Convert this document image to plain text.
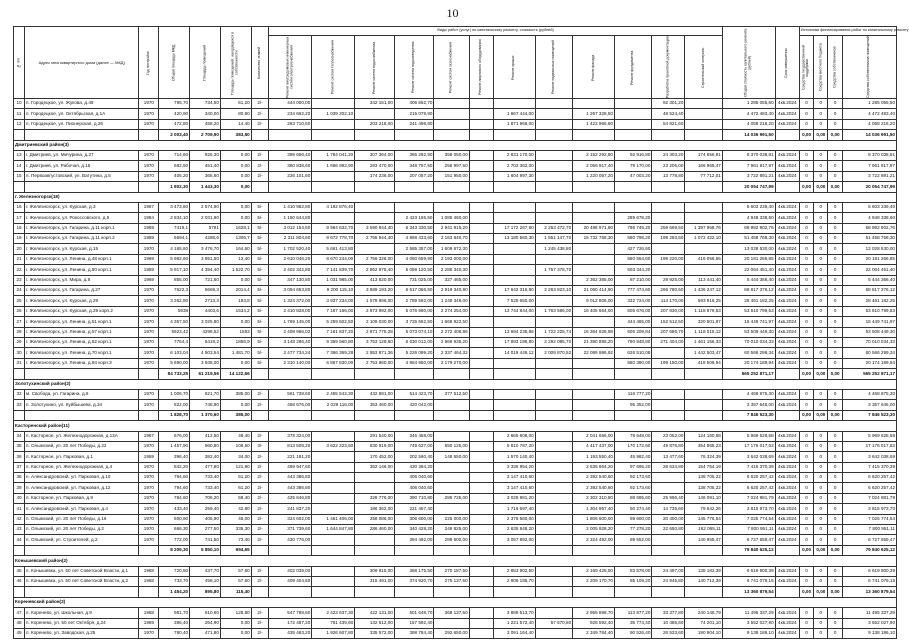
10
№ п/п	Адрес многоквартирного дома (далее — МКД)	Год постройки	Общая площадь МКД	Площадь помещений	Площадь помещений, находящихся в собственности	Количество этажей	Виды работ (услуг) по капитальному ремонту, стоимость (рублей)												Общая стоимость капитального ремонта (рублей)	Срок завершения	Источники финансирования работ по капитальному ремонту			
							Ремонт внутридомовых инженерных систем электроснабжения	Ремонт систем теплоснабжения	Ремонт систем водоснабжения	Ремонт систем водоотведения	Ремонт систем газоснабжения	Ремонт лифтового оборудования	Ремонт крыши	Ремонт подвальных помещений	Ремонт фасада	Ремонт фундамента	Разработка проектной документации	Строительный контроль			Средства государственной поддержки	Средства местного бюджета	Средства собственников	Средства собственников помещений
10	п. Городецкое, ул. Жукова, д.49	1970	795,70	734,50	61,20	2/-	444 000,00		342 151,00	406 662,70							92 301,20		1 285 055,50	4кв.2024	0	0	0	1 285 055,50
11	п. Городецкое, ул. Октябрьская, д.1А	1970	420,90	340,00	80,90	2/-	234 662,20	1 039 202,10		215 079,90			1 667 444,00		1 267 328,50		48 524,40		4 472 483,40	4кв.2024	0	0	0	4 472 483,40
12	п. Городецкое, ул. Пионерская, д.26	1970	472,80	458,20	14,40	2/-	263 710,60		203 218,00	241 498,60			1 871 966,00		1 422 966,60		54 821,60		4 058 216,20	4кв.2024	0	0	0	4 058 216,20
			2 003,40	2 709,90	383,50														14 036 991,50		0,00	0,00	0,00	14 036 991,50
Дмитриевский район(3)																								
13	г. Дмитриев, ул. Мичурина, д.27	1970	714,60	926,30	0,00	2/-	398 656,40	1 784 041,20	307 364,00	365 282,90	358 050,00		2 831 170,00		2 152 292,80	92 916,80	24 303,20	174 656,81	8 370 038,81	4кв.2024	0	0	0	8 370 038,81
14	г. Дмитриев, ул. Рабочая, д.15	1970	682,50	451,40	0,00	2/-	380 838,60	1 666 992,90	293 470,00	348 757,50	255 997,50		2 703 362,00		2 056 917,40	79 170,00	23 205,00	166 965,47	7 961 817,97	4кв.2024	0	0	0	7 961 817,97
15	п. Первоавгустовский, ул. Ватутина, д.5	1970	405,20	365,60	0,00	2/-	226 101,60		174 236,00	207 057,20	151 950,00		1 604 997,30		1 220 057,20	47 003,20	13 778,80	77 712,01	3 722 891,21	4кв.2024	0	0	0	3 722 891,21
			1 802,30	1 443,30	0,00														20 054 747,99		0,00	0,00	0,00	20 054 747,99
г. Железногорск(18)																								
16	г. Железногорск, ул. Курская, д.3	1967	3 473,60	2 574,90	0,00	5/-	1 410 962,80	4 192 876,40											5 603 239,40	4кв.2024	0	0	0	5 603 239,40
17	г. Железногорск, ул. Рокоссовского, д.5	1984	2 834,10	2 031,90	0,00	5/-	1 150 644,80			2 423 155,50	1 085 460,00					289 678,20			4 948 338,60	4кв.2024	0	0	0	4 948 338,60
18	г. Железногорск, ул. Гагарина, д.11 корп.1	1969	7419,1	5791	1628,1	5/-	3 012 154,60	9 964 632,70	3 590 844,40	6 343 330,50	2 941 915,20		17 172 267,60	2 253 472,70	20 488 971,80	796 745,20	259 669,50	1 397 958,76	68 982 902,76	4кв.2024	0	0	0	68 982 902,76
19	г. Железногорск, ул. Гагарина, д.11 корп.2	1969	5694,1	4286,6	1306,7	5/-	2 311 804,60	8 672 778,70	2 755 944,40	4 868 433,60	2 163 840,70		13 180 560,30	1 551 147,70	15 732 768,30	580 798,20	199 293,50	1 072 422,10	51 458 768,30	4кв.2024	0	0	0	51 458 768,30
20	г. Железногорск, ул. Курская, д.15	1970	4 165,60	3 476,70	164,60	5/-	1 702 520,40	5 661 413,80		2 585 357,00	1 609 672,30			1 245 438,80		427 726,60			13 028 530,00	4кв.2024	0	0	0	13 028 530,00
21	г. Железногорск, ул. Ленина, д.48 корп.1	1969	5 982,60	3 951,50	13,40	5/-	2 610 046,20	8 670 244,00	2 756 328,00	4 050 659,90	2 193 000,00					580 554,60	199 220,00	416 056,55	20 181 266,85	4кв.2024	0	0	0	20 181 266,85
22	г. Железногорск, ул. Ленина, д.50 корп.1	1969	5 917,10	4 394,40	1 522,70	5/-	2 402 342,80	7 141 839,70	2 862 975,40	5 059 120,50	2 286 340,30			1 757 378,70		603 344,20			22 064 451,40	4кв.2024	0	0	0	22 064 451,40
23	г. Железногорск, ул. Мира, д.8	1969	855,00	721,60	0,00	5/-	347 130,80	1 031 985,00	413 820,00	731 025,00	327 465,00				2 362 365,00	87 210,00	29 925,00	113 441,40	5 444 366,40	4кв.2024	0	0	0	5 444 366,40
24	г. Железногорск, ул. Гагарина, д.27	1970	7622,3	5669,3	2014,4	5/-	3 094 653,80	9 200 115,10	3 689 193,20	6 517 066,50	2 919 340,90		17 642 316,80	2 263 823,10	21 060 414,90	777 474,60	266 780,50	1 436 247,12	68 817 376,12	4кв.2024	0	0	0	68 817 376,12
25	г. Железногорск, ул. Курская, д.29	1970	3 262,80	2713,3	193,8	5/-	1 324 372,00	3 937 234,00	1 578 896,00	2 789 592,00	1 249 346,00		7 528 650,00		9 012 806,00	332 724,00	114 170,00	593 916,25	28 461 182,25	4кв.2024	0	0	0	28 461 182,25
26	г. Железногорск, ул. Курская, д.29 корп.2	1970	5938	4403,6	1534,2	5/-	2 410 828,00	7 167 166,00	2 873 992,00	5 076 990,00	2 274 254,00		13 744 844,00	1 763 586,00	16 405 664,00	605 676,00	207 830,00	1 118 879,53	53 610 799,53	4кв.2024	0	0	0	53 610 799,53
27	г. Железногорск, ул. Ленина, д.51 корп.1	1970	4 357,50	3 025,80	0,00	5/-	1 769 145,00	5 259 502,50	2 109 030,00	3 725 662,50	1 668 922,50					444 465,00	152 512,50	320 501,97	15 449 741,97	4кв.2024	0	0	0	15 449 741,97
28	г. Железногорск, ул. Ленина, д.57 корп.1	1970	5923,42	4298,52	1593	5/-	2 408 966,02	7 161 837,20	2 871 775,28	5 073 074,10	2 272 408,86		13 694 235,86	1 722 225,74	16 364 926,98	605 209,84	207 686,70	1 118 015,12	53 508 449,30	4кв.2024	0	0	0	53 508 449,30
29	г. Железногорск, ул. Ленина, д.62 корп.1	1970	7754,4	5419,2	1856,9	5/-	3 148 286,40	9 359 560,80	3 753 129,60	6 630 012,00	2 969 935,20		17 893 198,80	2 292 095,70	21 390 886,20	790 948,80	271 404,00	1 461 156,33	70 010 034,33	4кв.2024	0	0	0	70 010 034,33
30	г. Железногорск, ул. Ленина, д.70 корп.1	1970	6 103,04	4 503,54	1 481,70	5/-	2 477 734,24	7 366 369,28	2 953 871,36	5 226 099,20	2 337 464,32		14 019 449,12	2 009 870,52	22 089 986,92	626 510,08		1 442 503,47	60 566 299,34	4кв.2024	0	0	0	60 566 299,34
31	г. Железногорск, ул. Ленина, д.84 корп.3	1970	5 690,00	3 948,00	0,00	5/-	2 310 140,00	6 867 830,00	2 753 960,00	4 864 950,00	2 179 270,00					580 380,00	199 150,00	418 509,94	20 174 189,94	4кв.2024	0	0	0	20 174 189,94
			84 733,25	61 219,56	14 122,66														565 252 871,17		0,00	0,00	0,00	565 252 871,17
Золотухинский район(2)																								
32	м. Свобода, ул. Гагарина, д.6	1970	1 006,70	621,70	385,00	2/-	561 738,60	2 465 542,30	432 881,00	514 423,70	377 512,50					116 777,20			4 468 875,30	4кв.2024	0	0	0	4 468 875,30
33	п. Золотухино, ул. Куйбышева, д.34	1970	822,00	748,90	0,00	2/-	458 676,00	2 029 116,00	353 460,00	420 042,00						95 352,00			3 357 646,00	4кв.2024	0	0	0	3 357 646,00
			1 828,70	1 370,60	385,00														7 846 523,30		0,00	0,00	0,00	7 846 523,30
Касторенский район(11)																								
34	п. Касторное, ул. Железнодорожная, д.13А	1967	676,00	412,50	48,40	2/-	378 324,00		291 540,00	346 458,00			2 665 608,00		2 041 656,00	78 648,00	23 052,00	124 160,68	5 969 628,58	4кв.2024	0	0	0	5 969 628,58
35	п. Олымский, ул. 20 лет Победы, д.22	1970	1 457,90	960,80	106,50	3/-	813 508,20	3 622 223,60	630 919,00	749 637,00	550 125,00		5 810 787,20		4 417 437,00	170 172,60	49 876,80	354 865,23	17 176 017,63	4кв.2024	0	0	0	17 176 017,63
36	п. Касторное, ул. Парковая, д.1	1959	396,40	382,40	34,00	2/-	221 191,20		170 452,00	202 560,40	148 650,00		1 570 140,40		1 193 550,40	45 982,40	13 477,60	76 324,39	3 642 038,69	4кв.2024	0	0	0	3 642 038,69
37	п. Касторное, ул. Железнодорожная, д.4	1970	842,20	477,80	121,90	2/-	469 947,60		362 146,00	430 364,20			3 335 954,20		2 535 864,20	97 695,20	28 634,80	154 754,19	7 415 370,39	4кв.2024	0	0	0	7 415 370,39
38	п. Александровский, ул. Парковая, д.10	1970	794,60	733,40	61,20	2/-	443 386,80			406 040,60			3 147 410,60		2 392 540,60	92 173,60		138 705,22	6 620 257,42	4кв.2024	0	0	0	6 620 257,42
39	п. Александровский, ул. Парковая, д.12	1970	794,60	733,40	61,20	2/-	443 386,80			406 040,60			3 147 410,60		2 392 540,60	92 173,60		138 705,22	6 620 257,42	4кв.2024	0	0	0	6 620 257,42
40	п. Касторное, ул. Парковая, д.9	1970	784,60	706,20	58,40	2/-	425 646,80		328 776,00	390 710,80	286 725,00		3 028 881,20		2 302 310,80	88 695,60	25 996,40	146 091,10	7 024 881,79	4кв.2024	0	0	0	7 024 881,79
41	п. Александровский, ул. Парковая, д.4	1970	433,40	259,40	42,80	2/-	241 837,20		186 362,00	221 467,40			1 716 697,40		1 304 957,40	50 274,40	14 735,60	79 642,26	3 815 973,70	4кв.2024	0	0	0	3 815 973,70
42	п. Олымский, ул. 20 лет Победы, д.16	1970	600,90	405,90	46,00	2/-	324 602,00	1 461 406,00	258 086,00	306 600,00	225 000,00		2 376 660,00		1 806 600,00	69 600,00	20 400,00	145 776,54	7 025 774,54	4кв.2024	0	0	0	7 025 774,54
43	п. Олымский, ул. 20 лет Победы, д.2	1970	666,30	277,50	335,30	2/-	371 739,60	1 644 847,80	286 460,00	340 428,20	249 825,00		2 635 848,20		2 005 928,20	77 278,20	22 650,80	162 065,11	7 800 951,11	4кв.2024	0	0	0	7 800 951,11
44	п. Олымский, ул. Строителей, д.2	1970	772,00	741,50	73,40	2/-	430 776,00			394 492,00	289 500,00		3 057 892,00		2 324 492,00	89 552,00		140 955,47	6 727 659,47	4кв.2024	0	0	0	6 727 659,47
			8 209,30	5 850,10	994,65														79 840 625,12		0,00	0,00	0,00	79 840 625,12
Конышевский район(2)																								
45	п. Конышевка, ул. 50 лет Советской Власти, д.1	1968	720,50	437,70	57,60	2/-	402 039,00		309 815,00	368 175,50	270 187,50		2 853 902,50		2 169 425,50	83 578,00	24 497,00	138 182,39	6 619 800,39	4кв.2024	0	0	0	6 619 800,39
46	п. Конышевка, ул. 50 лет Советской Власти, д.2	1968	733,70	458,10	57,60	2/-	409 404,60		315 491,00	374 920,70	275 137,50		2 906 185,70		2 209 170,70	85 109,20	24 945,80	140 712,39	6 741 079,15	4кв.2024	0	0	0	6 741 079,15
			1 454,20	895,80	115,40														13 360 879,54		0,00	0,00	0,00	13 360 879,54
Кореневский район(3)																								
47	п. Коренево, ул. Школьная, д.9	1968	981,70	610,60	128,80	2/-	547 788,60	2 423 637,30	422 131,00	501 648,70	368 137,50		3 888 513,70		2 955 898,70	113 877,20	33 377,80	240 146,79	11 495 337,29	4кв.2024	0	0	0	11 495 337,29
48	п. Коренево, ул. 50 лет Октября, д.24	1969	386,40	264,90	0,00	2/-	172 487,20	761 439,60	132 612,00	157 592,40			1 221 572,40	57 670,80	928 592,40	35 774,40	10 485,60	74 201,10	3 552 027,90	4кв.2024	0	0	0	3 552 027,90
49	п. Коренево, ул. Заводская, д.25	1970	780,40	471,80	0,00	2/-	435 463,20	1 926 607,80	335 572,00	398 784,40	292 650,00		3 091 164,40		2 349 784,40	90 526,40	26 533,60	190 904,10	9 138 186,10	4кв.2024	0	0	0	9 138 186,10
